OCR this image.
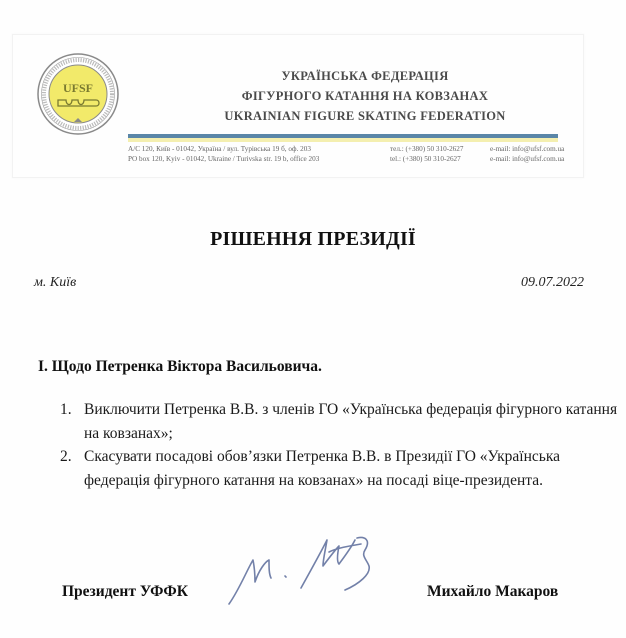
UFSF
УКРАЇНСЬКА ФЕДЕРАЦІЯ
ФІГУРНОГО КАТАННЯ НА КОВЗАНАХ
UKRAINIAN FIGURE SKATING FEDERATION
А/С 120, Київ - 01042, Україна / вул. Турівська 19 б, оф. 203	тел.: (+380) 50 310-2627	e-mail: info@ufsf.com.ua
PO box 120, Kyiv - 01042, Ukraine / Turivska str. 19 b, office 203	tel.: (+380) 50 310-2627	e-mail: info@ufsf.com.ua
РІШЕННЯ ПРЕЗИДІЇ
м. Київ	09.07.2022
І. Щодо Петренка Віктора Васильовича.
1. Виключити Петренка В.В. з членів ГО «Українська федерація фігурного катання на ковзанах»;
2. Скасувати посадові обов’язки Петренка В.В. в Президії ГО «Українська федерація фігурного катання на ковзанах» на посаді віце-президента.
Президент УФФК	Михайло Макаров
